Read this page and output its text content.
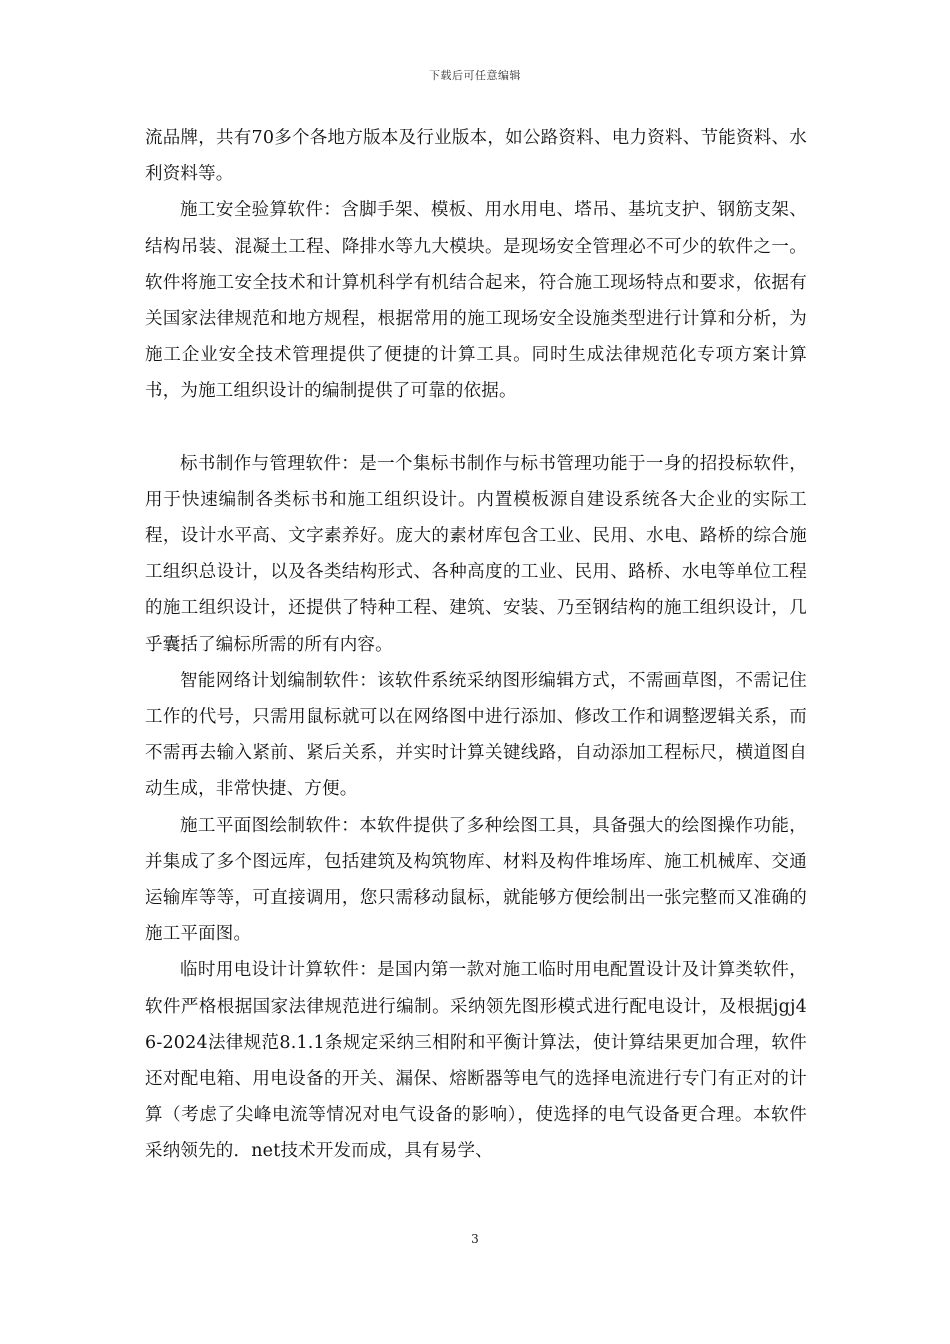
下载后可任意编辑

流品牌，共有70多个各地方版本及行业版本，如公路资料、电力资料、节能资料、水利资料等。

施工安全验算软件：含脚手架、模板、用水用电、塔吊、基坑支护、钢筋支架、结构吊装、混凝土工程、降排水等九大模块。是现场安全管理必不可少的软件之一。软件将施工安全技术和计算机科学有机结合起来，符合施工现场特点和要求，依据有关国家法律规范和地方规程，根据常用的施工现场安全设施类型进行计算和分析，为施工企业安全技术管理提供了便捷的计算工具。同时生成法律规范化专项方案计算书，为施工组织设计的编制提供了可靠的依据。

标书制作与管理软件：是一个集标书制作与标书管理功能于一身的招投标软件，用于快速编制各类标书和施工组织设计。内置模板源自建设系统各大企业的实际工程，设计水平高、文字素养好。庞大的素材库包含工业、民用、水电、路桥的综合施工组织总设计，以及各类结构形式、各种高度的工业、民用、路桥、水电等单位工程的施工组织设计，还提供了特种工程、建筑、安装、乃至钢结构的施工组织设计，几乎囊括了编标所需的所有内容。

智能网络计划编制软件：该软件系统采纳图形编辑方式，不需画草图，不需记住工作的代号，只需用鼠标就可以在网络图中进行添加、修改工作和调整逻辑关系，而不需再去输入紧前、紧后关系，并实时计算关键线路，自动添加工程标尺，横道图自动生成，非常快捷、方便。

施工平面图绘制软件：本软件提供了多种绘图工具，具备强大的绘图操作功能，并集成了多个图远库，包括建筑及构筑物库、材料及构件堆场库、施工机械库、交通运输库等等，可直接调用，您只需移动鼠标，就能够方便绘制出一张完整而又准确的施工平面图。

临时用电设计计算软件：是国内第一款对施工临时用电配置设计及计算类软件，软件严格根据国家法律规范进行编制。采纳领先图形模式进行配电设计，及根据jgj46-2024法律规范8.1.1条规定采纳三相附和平衡计算法，使计算结果更加合理，软件还对配电箱、用电设备的开关、漏保、熔断器等电气的选择电流进行专门有正对的计算（考虑了尖峰电流等情况对电气设备的影响），使选择的电气设备更合理。本软件采纳领先的．net技术开发而成，具有易学、

3
